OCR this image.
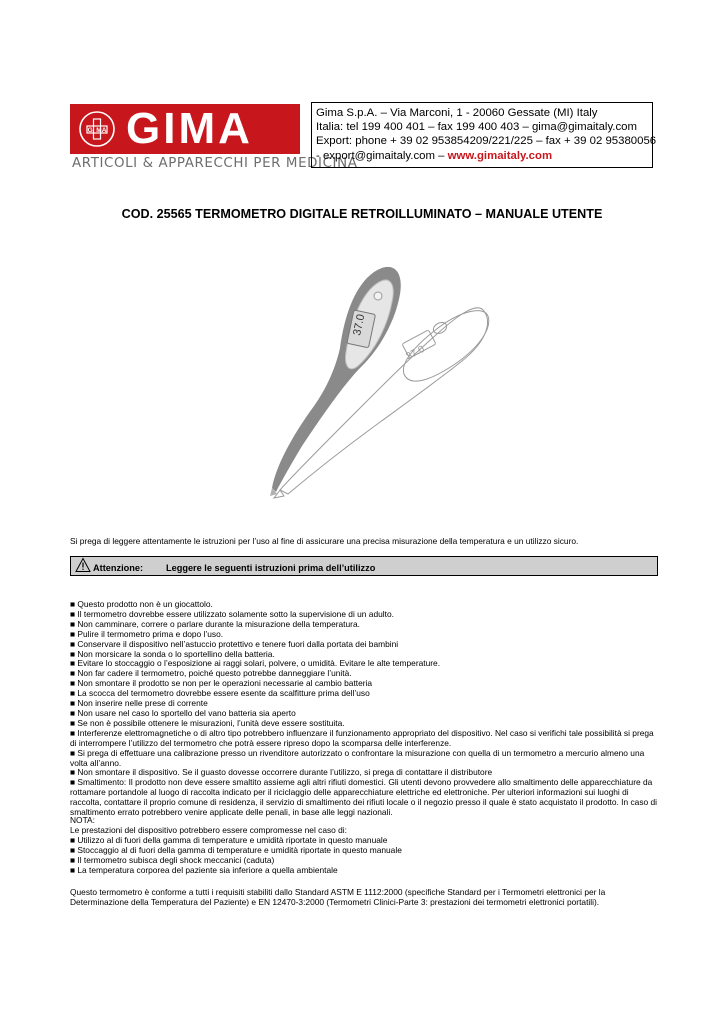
GI MA GIMA
ARTICOLI & APPARECCHI PER MEDICINA
Gima S.p.A. – Via Marconi, 1 - 20060 Gessate (MI) Italy
Italia: tel 199 400 401 – fax 199 400 403 – gima@gimaitaly.com
Export: phone + 39 02 953854209/221/225 – fax + 39 02 95380056
- export@gimaitaly.com – www.gimaitaly.com
COD. 25565 TERMOMETRO DIGITALE RETROILLUMINATO – MANUALE UTENTE
37.0
37.0
Si prega di leggere attentamente le istruzioni per l’uso al fine di assicurare una precisa misurazione della temperatura e un utilizzo sicuro.
Attenzione: Leggere le seguenti istruzioni prima dell’utilizzo

■ Questo prodotto non è un giocattolo.

■ Il termometro dovrebbe essere utilizzato solamente sotto la supervisione di un adulto.

■ Non camminare, correre o parlare durante la misurazione della temperatura.

■ Pulire il termometro prima e dopo l’uso.

■ Conservare il dispositivo nell’astuccio protettivo e tenere fuori dalla portata dei bambini

■ Non morsicare la sonda o lo sportellino della batteria.

■ Evitare lo stoccaggio o l’esposizione ai raggi solari, polvere, o umidità. Evitare le alte temperature.

■ Non far cadere il termometro, poiché questo potrebbe danneggiare l’unità.

■ Non smontare il prodotto se non per le operazioni necessarie al cambio batteria

■ La scocca del termometro dovrebbe essere esente da scalfitture prima dell’uso

■ Non inserire nelle prese di corrente

■ Non usare nel caso lo sportello del vano batteria sia aperto

■ Se non è possibile ottenere le misurazioni, l’unità deve essere sostituita.

■ Interferenze elettromagnetiche o di altro tipo potrebbero influenzare il funzionamento appropriato del dispositivo. Nel caso si verifichi tale possibilità si prega di interrompere l’utilizzo del termometro che potrà essere ripreso dopo la scomparsa delle interferenze.

■ Si prega di effettuare una calibrazione presso un rivenditore autorizzato o confrontare la misurazione con quella di un termometro a mercurio almeno una volta all’anno.

■ Non smontare il dispositivo. Se il guasto dovesse occorrere durante l’utilizzo, si prega di contattare il distributore

■ Smaltimento: Il prodotto non deve essere smaltito assieme agli altri rifiuti domestici. Gli utenti devono provvedere allo smaltimento delle apparecchiature da rottamare portandole al luogo di raccolta indicato per il riciclaggio delle apparecchiature elettriche ed elettroniche. Per ulteriori informazioni sui luoghi di raccolta, contattare il proprio comune di residenza, il servizio di smaltimento dei rifiuti locale o il negozio presso il quale è stato acquistato il prodotto. In caso di smaltimento errato potrebbero venire applicate delle penali, in base alle leggi nazionali.

NOTA:

Le prestazioni del dispositivo potrebbero essere compromesse nel caso di:

■ Utilizzo al di fuori della gamma di temperature e umidità riportate in questo manuale

■ Stoccaggio al di fuori della gamma di temperature e umidità riportate in questo manuale

■ Il termometro subisca degli shock meccanici (caduta)

■ La temperatura corporea del paziente sia inferiore a quella ambientale

Questo termometro è conforme a tutti i requisiti stabiliti dallo Standard ASTM E 1112:2000 (specifiche Standard per i Termometri elettronici per la Determinazione della Temperatura del Paziente) e EN 12470-3:2000 (Termometri Clinici-Parte 3: prestazioni dei termometri elettronici portatili).
